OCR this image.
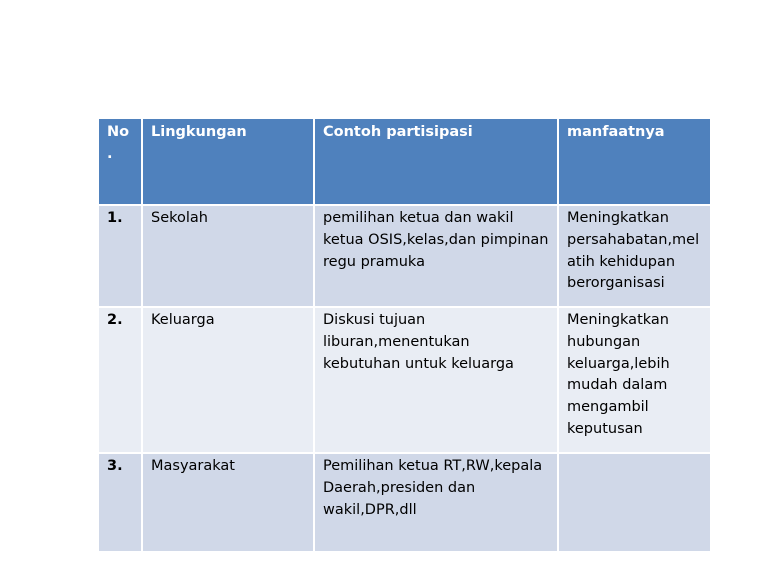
No.	Lingkungan	Contoh partisipasi	manfaatnya
1.	Sekolah	pemilihan ketua dan wakil ketua OSIS,kelas,dan pimpinan regu pramuka	Meningkatkan persahabatan,melatih kehidupan berorganisasi
2.	Keluarga	Diskusi tujuan liburan,menentukan kebutuhan untuk keluarga	Meningkatkan hubungan keluarga,lebih mudah dalam mengambil keputusan
3.	Masyarakat	Pemilihan ketua RT,RW,kepala Daerah,presiden dan wakil,DPR,dll	
